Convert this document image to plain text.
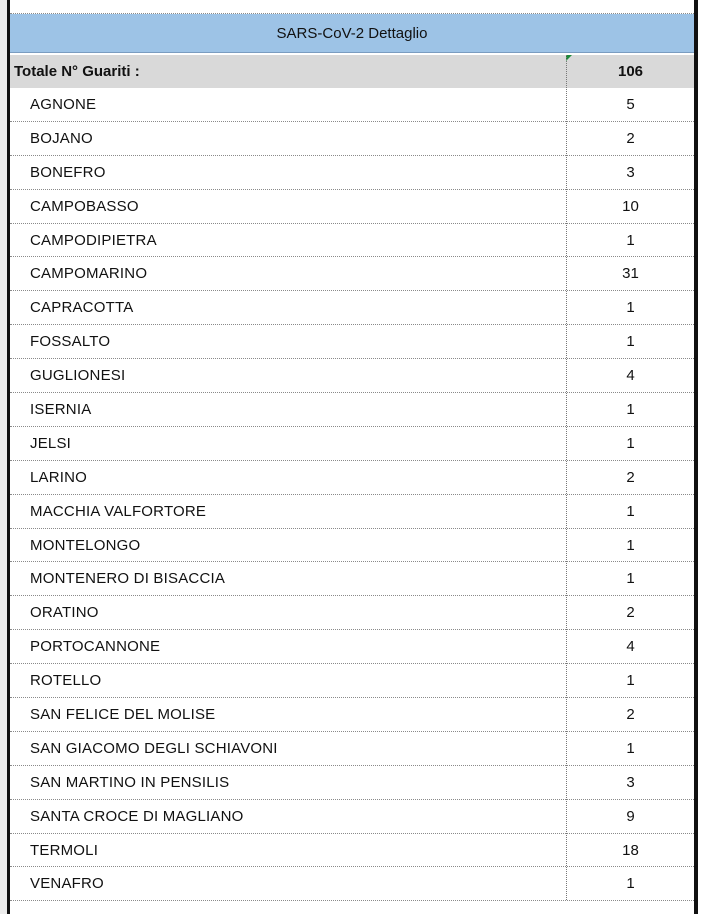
SARS-CoV-2 Dettaglio
Totale N° Guariti :	106
AGNONE	5
BOJANO	2
BONEFRO	3
CAMPOBASSO	10
CAMPODIPIETRA	1
CAMPOMARINO	31
CAPRACOTTA	1
FOSSALTO	1
GUGLIONESI	4
ISERNIA	1
JELSI	1
LARINO	2
MACCHIA VALFORTORE	1
MONTELONGO	1
MONTENERO DI BISACCIA	1
ORATINO	2
PORTOCANNONE	4
ROTELLO	1
SAN FELICE DEL MOLISE	2
SAN GIACOMO DEGLI SCHIAVONI	1
SAN MARTINO IN PENSILIS	3
SANTA CROCE DI MAGLIANO	9
TERMOLI	18
VENAFRO	1
